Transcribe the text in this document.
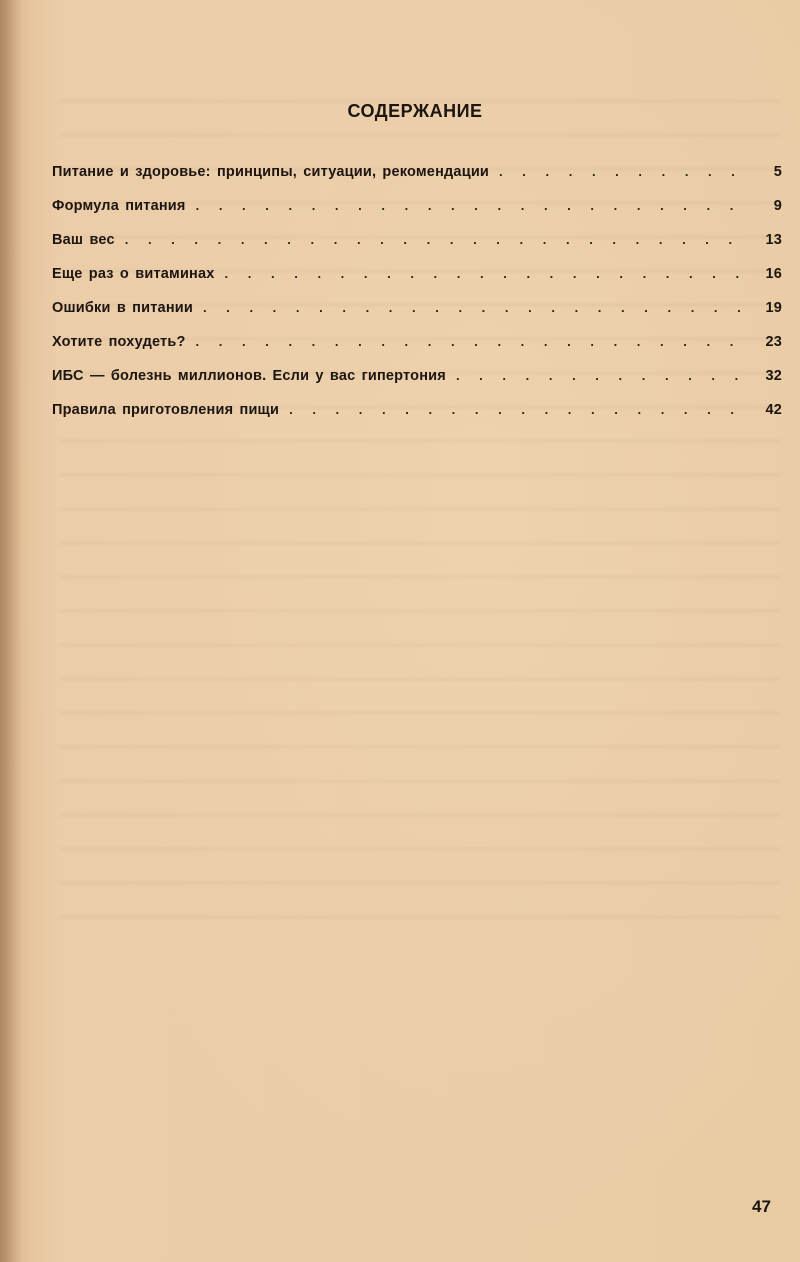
СОДЕРЖАНИЕ
Питание и здоровье: принципы, ситуации, рекомендации . . .	5
Формула питания . . .	9
Ваш вес . . .	13
Еще раз о витаминах . . .	16
Ошибки в питании . . .	19
Хотите похудеть? . . .	23
ИБС — болезнь миллионов. Если у вас гипертония . . .	32
Правила приготовления пищи . . .	42
47
